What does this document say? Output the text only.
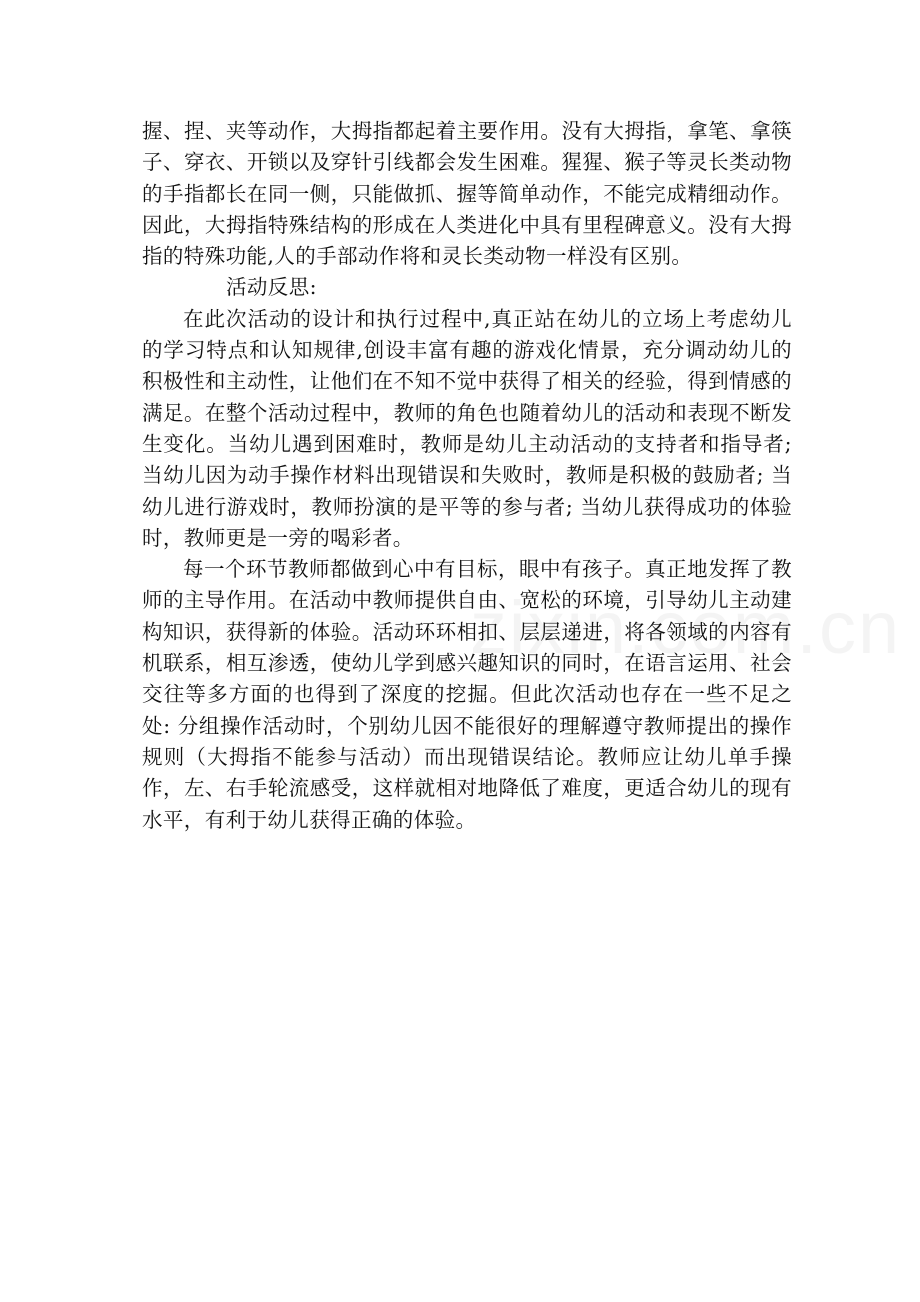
握、捏、夹等动作，大拇指都起着主要作用。没有大拇指，拿笔、拿筷子、穿衣、开锁以及穿针引线都会发生困难。猩猩、猴子等灵长类动物的手指都长在同一侧，只能做抓、握等简单动作，不能完成精细动作。因此，大拇指特殊结构的形成在人类进化中具有里程碑意义。没有大拇指的特殊功能,人的手部动作将和灵长类动物一样没有区别。

活动反思:

在此次活动的设计和执行过程中,真正站在幼儿的立场上考虑幼儿的学习特点和认知规律,创设丰富有趣的游戏化情景，充分调动幼儿的积极性和主动性，让他们在不知不觉中获得了相关的经验，得到情感的满足。在整个活动过程中，教师的角色也随着幼儿的活动和表现不断发生变化。当幼儿遇到困难时，教师是幼儿主动活动的支持者和指导者; 当幼儿因为动手操作材料出现错误和失败时，教师是积极的鼓励者; 当幼儿进行游戏时，教师扮演的是平等的参与者; 当幼儿获得成功的体验时，教师更是一旁的喝彩者。

每一个环节教师都做到心中有目标，眼中有孩子。真正地发挥了教师的主导作用。在活动中教师提供自由、宽松的环境，引导幼儿主动建构知识，获得新的体验。活动环环相扣、层层递进，将各领域的内容有机联系，相互渗透，使幼儿学到感兴趣知识的同时，在语言运用、社会交往等多方面的也得到了深度的挖掘。但此次活动也存在一些不足之处: 分组操作活动时，个别幼儿因不能很好的理解遵守教师提出的操作规则（大拇指不能参与活动）而出现错误结论。教师应让幼儿单手操作，左、右手轮流感受，这样就相对地降低了难度，更适合幼儿的现有水平，有利于幼儿获得正确的体验。
